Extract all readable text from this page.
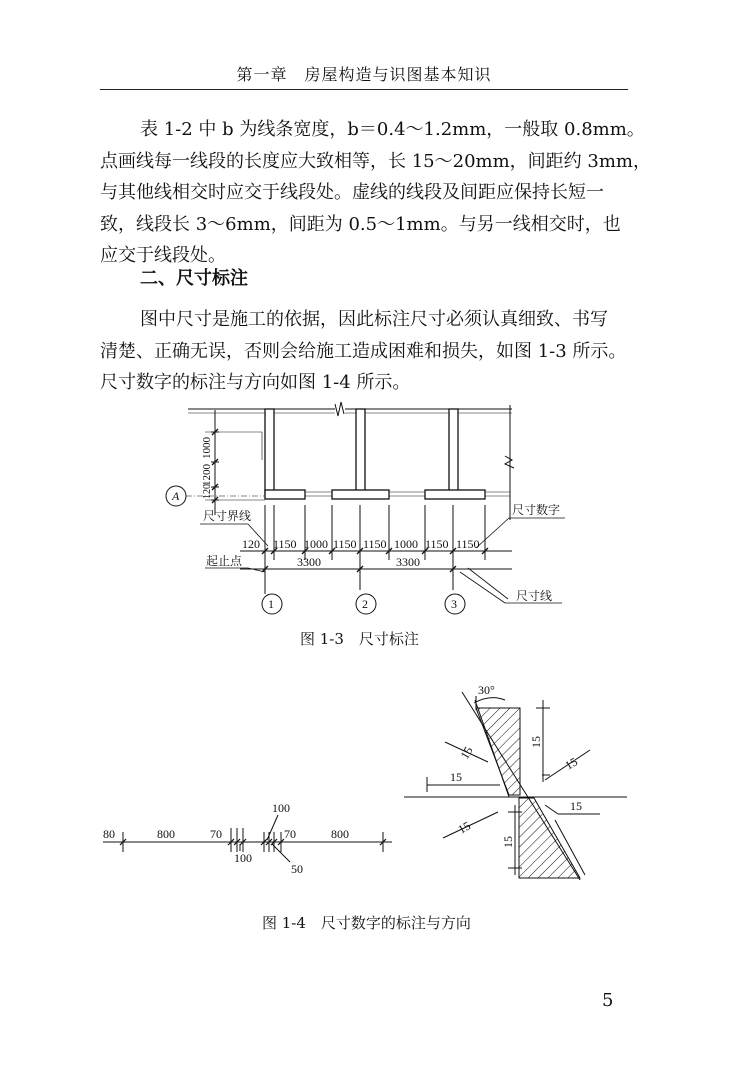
第一章　房屋构造与识图基本知识
表 1-2 中 b 为线条宽度，b＝0.4～1.2mm，一般取 0.8mm。
点画线每一线段的长度应大致相等，长 15～20mm，间距约 3mm，
与其他线相交时应交于线段处。虚线的线段及间距应保持长短一
致，线段长 3～6mm，间距为 0.5～1mm。与另一线相交时，也
应交于线段处。
二、尺寸标注
图中尺寸是施工的依据，因此标注尺寸必须认真细致、书写
清楚、正确无误，否则会给施工造成困难和损失，如图 1-3 所示。
尺寸数字的标注与方向如图 1-4 所示。
A
1000
1200
120
尺寸界线	尺寸数字
起止点
尺寸线
120 1150 1000 1150 1150 1000 1150 1150
3300	3300
1	2	3
图 1-3　尺寸标注
80	800	70	70	800
100
100
50
30°
15
15
15
15
15
15
15
图 1-4　尺寸数字的标注与方向
5
